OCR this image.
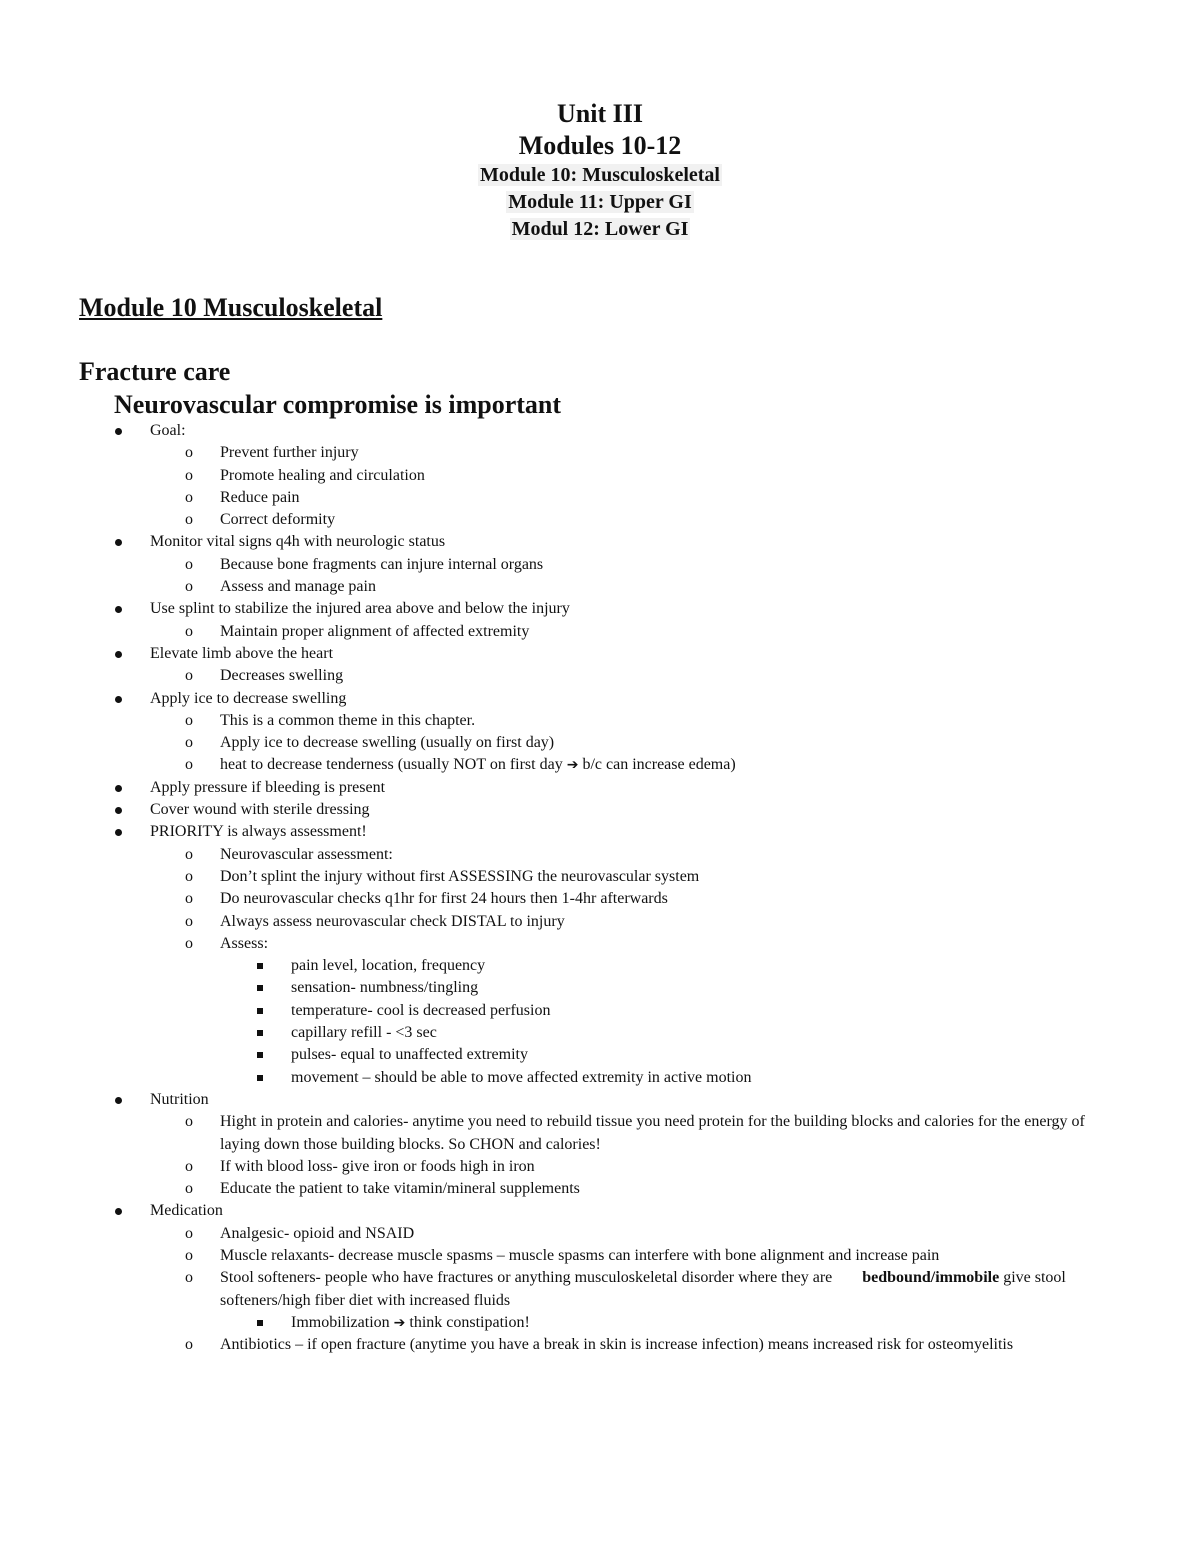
Unit III
Modules 10-12
Module 10: Musculoskeletal
Module 11: Upper GI
Modul 12: Lower GI
Module 10 Musculoskeletal
Fracture care
Neurovascular compromise is important
Goal:
o Prevent further injury
o Promote healing and circulation
o Reduce pain
o Correct deformity
Monitor vital signs q4h with neurologic status
o Because bone fragments can injure internal organs
o Assess and manage pain
Use splint to stabilize the injured area above and below the injury
o Maintain proper alignment of affected extremity
Elevate limb above the heart
o Decreases swelling
Apply ice to decrease swelling
o This is a common theme in this chapter.
o Apply ice to decrease swelling (usually on first day)
o heat to decrease tenderness (usually NOT on first day ➔ b/c can increase edema)
Apply pressure if bleeding is present
Cover wound with sterile dressing
PRIORITY is always assessment!
o Neurovascular assessment:
o Don’t splint the injury without first ASSESSING the neurovascular system
o Do neurovascular checks q1hr for first 24 hours then 1-4hr afterwards
o Always assess neurovascular check DISTAL to injury
o Assess:
pain level, location, frequency
sensation- numbness/tingling
temperature- cool is decreased perfusion
capillary refill - <3 sec
pulses- equal to unaffected extremity
movement – should be able to move affected extremity in active motion
Nutrition
o Hight in protein and calories- anytime you need to rebuild tissue you need protein for the building blocks and calories for the energy of laying down those building blocks. So CHON and calories!
o If with blood loss- give iron or foods high in iron
o Educate the patient to take vitamin/mineral supplements
Medication
o Analgesic- opioid and NSAID
o Muscle relaxants- decrease muscle spasms – muscle spasms can interfere with bone alignment and increase pain
o Stool softeners- people who have fractures or anything musculoskeletal disorder where they are bedbound/immobile give stool softeners/high fiber diet with increased fluids
Immobilization ➔ think constipation!
o Antibiotics – if open fracture (anytime you have a break in skin is increase infection) means increased risk for osteomyelitis
